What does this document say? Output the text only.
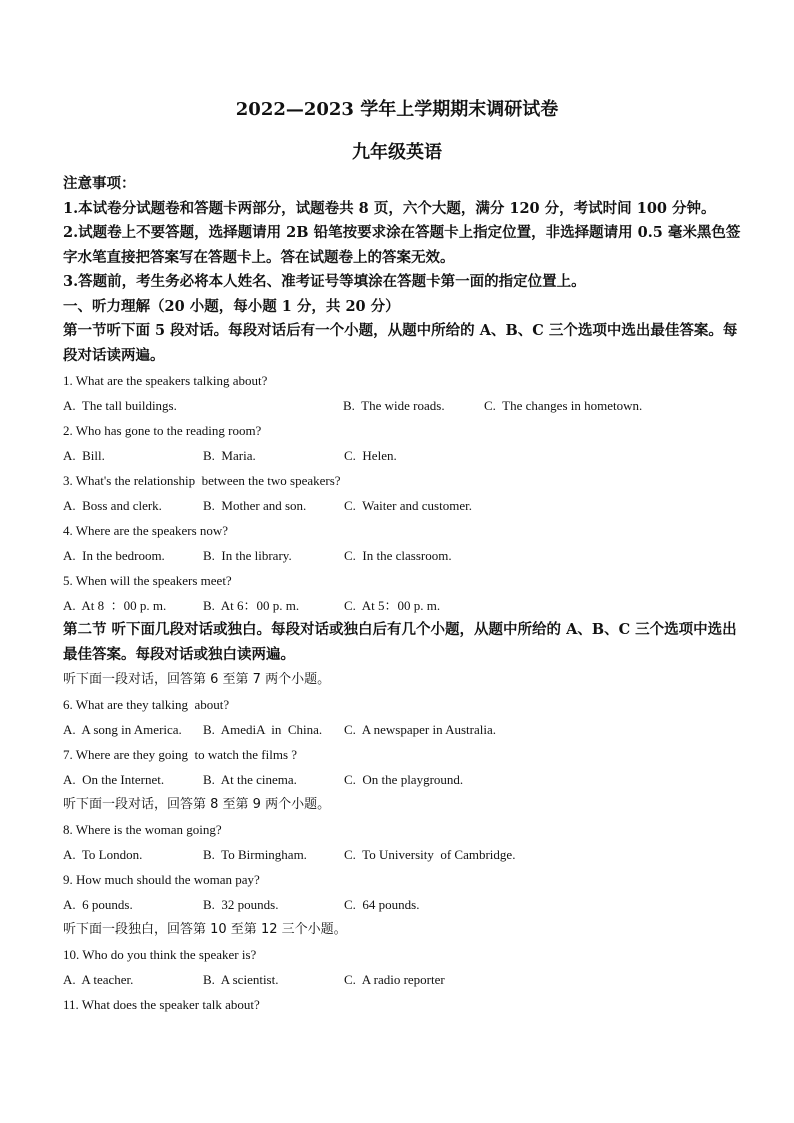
2022—2023 学年上学期期末调研试卷
九年级英语

注意事项：

1.本试卷分试题卷和答题卡两部分，试题卷共 8 页，六个大题，满分 120 分，考试时间 100 分钟。

2.试题卷上不要答题，选择题请用 2B 铅笔按要求涂在答题卡上指定位置，非选择题请用 0.5 毫米黑色签字水笔直接把答案写在答题卡上。答在试题卷上的答案无效。

3.答题前，考生务必将本人姓名、准考证号等填涂在答题卡第一面的指定位置上。

一、听力理解（20 小题，每小题 1 分，共 20 分）

第一节听下面 5 段对话。每段对话后有一个小题，从题中所给的 A、B、C 三个选项中选出最佳答案。每段对话读两遍。

1. What are the speakers talking about?

A.  The tall buildings.	B.  The wide roads.	C.  The changes in hometown.

2. Who has gone to the reading room?

A.  Bill.	B.  Maria.	C.  Helen.

3. What's the relationship  between the two speakers?

A.  Boss and clerk.	B.  Mother and son.	C.  Waiter and customer.

4. Where are the speakers now?

A.  In the bedroom.	B.  In the library.	C.  In the classroom.

5. When will the speakers meet?

A.  At 8  ：00 p. m.	B.  At 6：00 p. m.	C.  At 5：00 p. m.

第二节 听下面几段对话或独白。每段对话或独白后有几个小题，从题中所给的 A、B、C 三个选项中选出最佳答案。每段对话或独白读两遍。

听下面一段对话，回答第 6 至第 7 两个小题。

6. What are they talking  about?

A.  A song in America.	B.  AmediA  in  China.	C.  A newspaper in Australia.

7. Where are they going  to watch the films ?

A.  On the Internet.	B.  At the cinema.	C.  On the playground.

听下面一段对话，回答第 8 至第 9 两个小题。

8. Where is the woman going?

A.  To London.	B.  To Birmingham.	C.  To University  of Cambridge.

9. How much should the woman pay?

A.  6 pounds.	B.  32 pounds.	C.  64 pounds.

听下面一段独白，回答第 10 至第 12 三个小题。

10. Who do you think the speaker is?

A.  A teacher.	B.  A scientist.	C.  A radio reporter

11. What does the speaker talk about?
